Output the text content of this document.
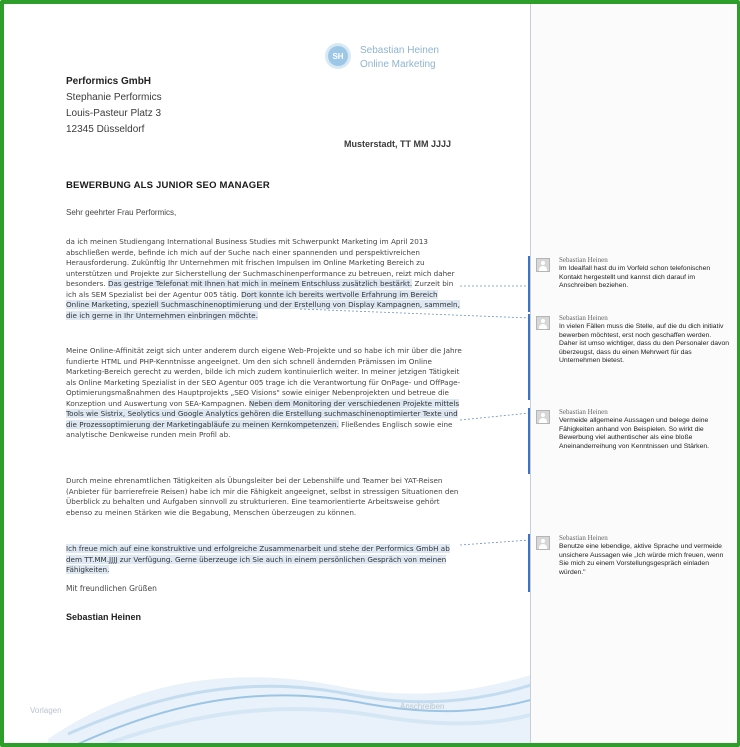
SH
Sebastian Heinen
Online Marketing
Performics GmbH
Stephanie Performics
Louis-Pasteur Platz 3
12345 Düsseldorf
Musterstadt, TT MM JJJJ
BEWERBUNG ALS JUNIOR SEO MANAGER
Sehr geehrter Frau Performics,
da ich meinen Studiengang International Business Studies mit Schwerpunkt Marketing im April 2013 abschließen werde, befinde ich mich auf der Suche nach einer spannenden und perspektivreichen Herausforderung. Zukünftig Ihr Unternehmen mit frischen Impulsen im Online Marketing Bereich zu unterstützen und Projekte zur Sicherstellung der Suchmaschinenperformance zu betreuen, reizt mich daher besonders. Das gestrige Telefonat mit Ihnen hat mich in meinem Entschluss zusätzlich bestärkt. Zurzeit bin ich als SEM Spezialist bei der Agentur 005 tätig. Dort konnte ich bereits wertvolle Erfahrung im Bereich Online Marketing, speziell Suchmaschinenoptimierung und der Erstellung von Display Kampagnen, sammeln, die ich gerne in Ihr Unternehmen einbringen möchte.
Meine Online-Affinität zeigt sich unter anderem durch eigene Web-Projekte und so habe ich mir über die Jahre fundierte HTML und PHP-Kenntnisse angeeignet. Um den sich schnell ändernden Prämissen im Online Marketing-Bereich gerecht zu werden, bilde ich mich zudem kontinuierlich weiter. In meiner jetzigen Tätigkeit als Online Marketing Spezialist in der SEO Agentur 005 trage ich die Verantwortung für OnPage- und OffPage-Optimierungsmaßnahmen des Hauptprojekts „SEO Visions" sowie einiger Nebenprojekten und betreue die Konzeption und Auswertung von SEA-Kampagnen. Neben dem Monitoring der verschiedenen Projekte mittels Tools wie Sistrix, Seolytics und Google Analytics gehören die Erstellung suchmaschinenoptimierter Texte und die Prozessoptimierung der Marketingabläufe zu meinen Kernkompetenzen. Fließendes Englisch sowie eine analytische Denkweise runden mein Profil ab.
Durch meine ehrenamtlichen Tätigkeiten als Übungsleiter bei der Lebenshilfe und Teamer bei YAT-Reisen (Anbieter für barrierefreie Reisen) habe ich mir die Fähigkeit angeeignet, selbst in stressigen Situationen den Überblick zu behalten und Aufgaben sinnvoll zu strukturieren. Eine teamorientierte Arbeitsweise gehört ebenso zu meinen Stärken wie die Begabung, Menschen überzeugen zu können.
Ich freue mich auf eine konstruktive und erfolgreiche Zusammenarbeit und stehe der Performics GmbH ab dem TT.MM.JJJJ zur Verfügung. Gerne überzeuge ich Sie auch in einem persönlichen Gespräch von meinen Fähigkeiten.
Mit freundlichen Grüßen
Sebastian Heinen
Vorlagen	Anschreiben
Sebastian Heinen
Im Idealfall hast du im Vorfeld schon telefonischen Kontakt hergestellt und kannst dich darauf im Anschreiben beziehen.
Sebastian Heinen
In vielen Fällen muss die Stelle, auf die du dich initiativ bewerben möchtest, erst noch geschaffen werden. Daher ist umso wichtiger, dass du den Personaler davon überzeugst, dass du einen Mehrwert für das Unternehmen bietest.
Sebastian Heinen
Vermeide allgemeine Aussagen und belege deine Fähigkeiten anhand von Beispielen. So wirkt die Bewerbung viel authentischer als eine bloße Aneinanderreihung von Kenntnissen und Stärken.
Sebastian Heinen
Benutze eine lebendige, aktive Sprache und vermeide unsichere Aussagen wie „Ich würde mich freuen, wenn Sie mich zu einem Vorstellungsgespräch einladen würden."
